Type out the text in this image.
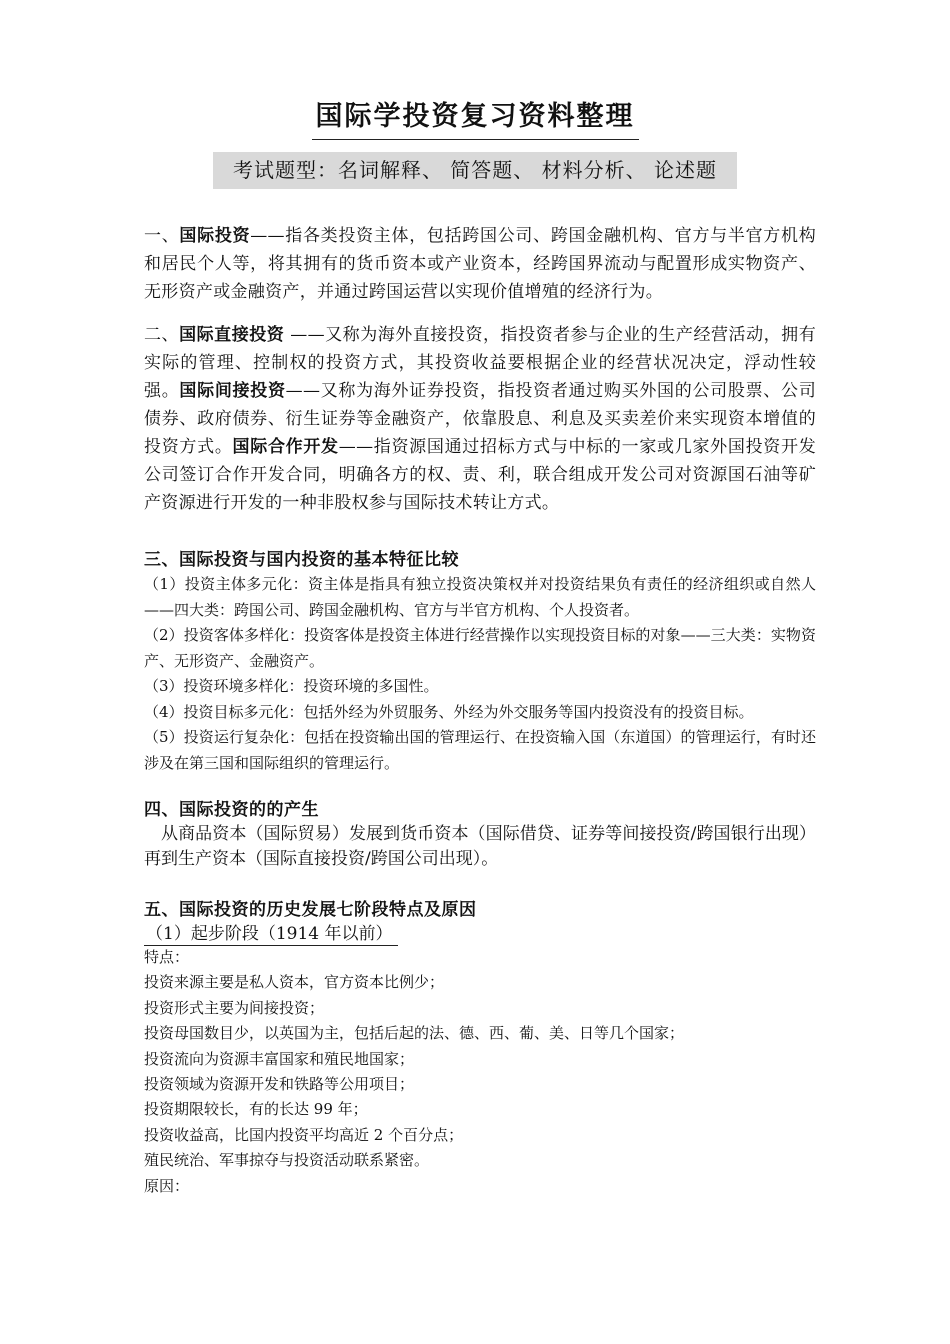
国际学投资复习资料整理
考试题型：名词解释、 简答题、 材料分析、 论述题
一、国际投资——指各类投资主体，包括跨国公司、跨国金融机构、官方与半官方机构和居民个人等，将其拥有的货币资本或产业资本，经跨国界流动与配置形成实物资产、无形资产或金融资产，并通过跨国运营以实现价值增殖的经济行为。
二、国际直接投资 ——又称为海外直接投资，指投资者参与企业的生产经营活动，拥有实际的管理、控制权的投资方式，其投资收益要根据企业的经营状况决定，浮动性较强。国际间接投资——又称为海外证券投资，指投资者通过购买外国的公司股票、公司债券、政府债券、衍生证券等金融资产，依靠股息、利息及买卖差价来实现资本增值的投资方式。国际合作开发——指资源国通过招标方式与中标的一家或几家外国投资开发公司签订合作开发合同，明确各方的权、责、利，联合组成开发公司对资源国石油等矿产资源进行开发的一种非股权参与国际技术转让方式。
三、国际投资与国内投资的基本特征比较
（1）投资主体多元化：资主体是指具有独立投资决策权并对投资结果负有责任的经济组织或自然人——四大类：跨国公司、跨国金融机构、官方与半官方机构、个人投资者。
（2）投资客体多样化：投资客体是投资主体进行经营操作以实现投资目标的对象——三大类：实物资产、无形资产、金融资产。
（3）投资环境多样化：投资环境的多国性。
（4）投资目标多元化：包括外经为外贸服务、外经为外交服务等国内投资没有的投资目标。
（5）投资运行复杂化：包括在投资输出国的管理运行、在投资输入国（东道国）的管理运行，有时还涉及在第三国和国际组织的管理运行。
四、国际投资的的产生
从商品资本（国际贸易）发展到货币资本（国际借贷、证券等间接投资/跨国银行出现）再到生产资本（国际直接投资/跨国公司出现）。
五、国际投资的历史发展七阶段特点及原因
（1）起步阶段（1914 年以前）
特点：
投资来源主要是私人资本，官方资本比例少；
投资形式主要为间接投资；
投资母国数目少，以英国为主，包括后起的法、德、西、葡、美、日等几个国家；
投资流向为资源丰富国家和殖民地国家；
投资领域为资源开发和铁路等公用项目；
投资期限较长，有的长达 99 年；
投资收益高，比国内投资平均高近 2 个百分点；
殖民统治、军事掠夺与投资活动联系紧密。
原因：
